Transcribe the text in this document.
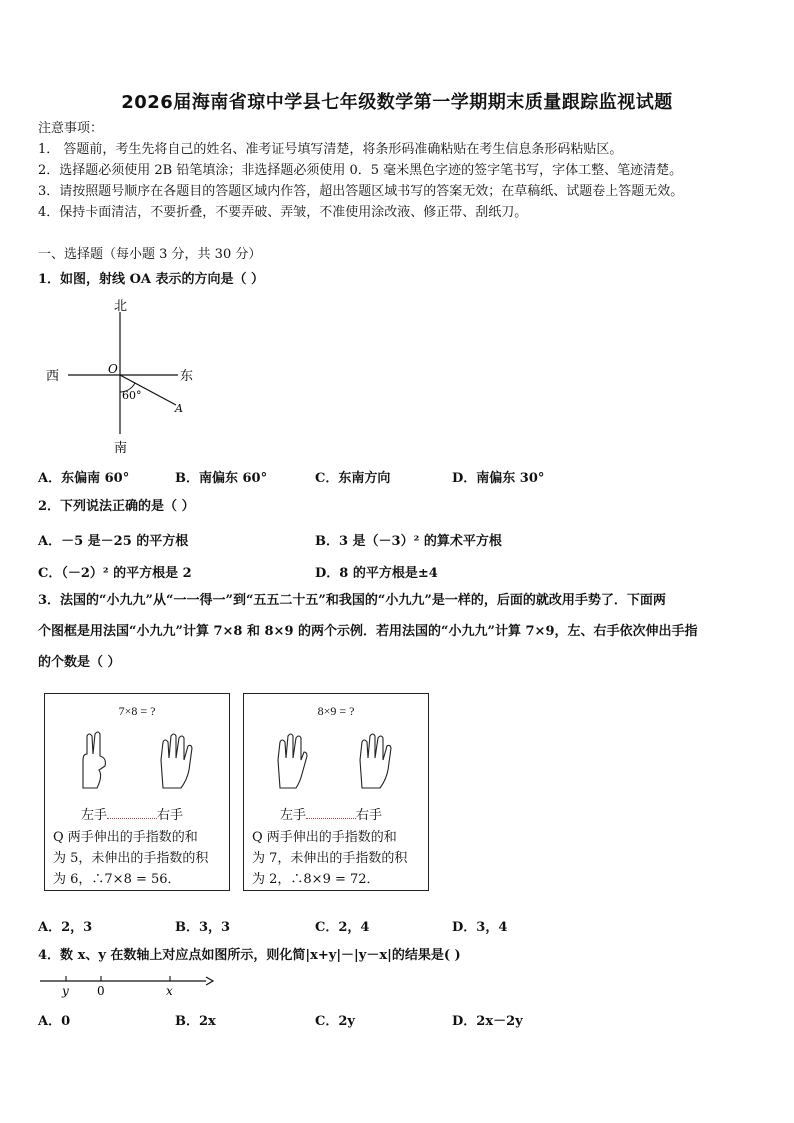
2026届海南省琼中学县七年级数学第一学期期末质量跟踪监视试题
注意事项：
1． 答题前，考生先将自己的姓名、准考证号填写清楚，将条形码准确粘贴在考生信息条形码粘贴区。
2．选择题必须使用 2B 铅笔填涂；非选择题必须使用 0．5 毫米黑色字迹的签字笔书写，字体工整、笔迹清楚。
3．请按照题号顺序在各题目的答题区域内作答，超出答题区域书写的答案无效；在草稿纸、试题卷上答题无效。
4．保持卡面清洁，不要折叠，不要弄破、弄皱，不准使用涂改液、修正带、刮纸刀。
一、选择题（每小题 3 分，共 30 分）
1．如图，射线 OA 表示的方向是（ ）
北
南
西	东
O
A
60°
A．东偏南 60°	B．南偏东 60°	C．东南方向	D．南偏东 30°
2．下列说法正确的是（ ）
A．－5 是－25 的平方根	B．3 是（－3）² 的算术平方根
C．（－2）² 的平方根是 2	D．8 的平方根是±4
3．法国的“小九九”从“一一得一”到“五五二十五”和我国的“小九九”是一样的，后面的就改用手势了．下面两
个图框是用法国“小九九”计算 7×8 和 8×9 的两个示例．若用法国的“小九九”计算 7×9，左、右手依次伸出手指
的个数是（ ）
7×8 = ?
左手	右手
Q 两手伸出的手指数的和
为 5，未伸出的手指数的积
为 6，∴7×8 = 56．
8×9 = ?
左手	右手
Q 两手伸出的手指数的和
为 7，未伸出的手指数的积
为 2，∴8×9 = 72．
A．2，3	B．3，3	C．2，4	D．3，4
4．数 x、y 在数轴上对应点如图所示，则化简|x+y|－|y－x|的结果是( )
y 0	x
A．0	B．2x	C．2y	D．2x－2y
